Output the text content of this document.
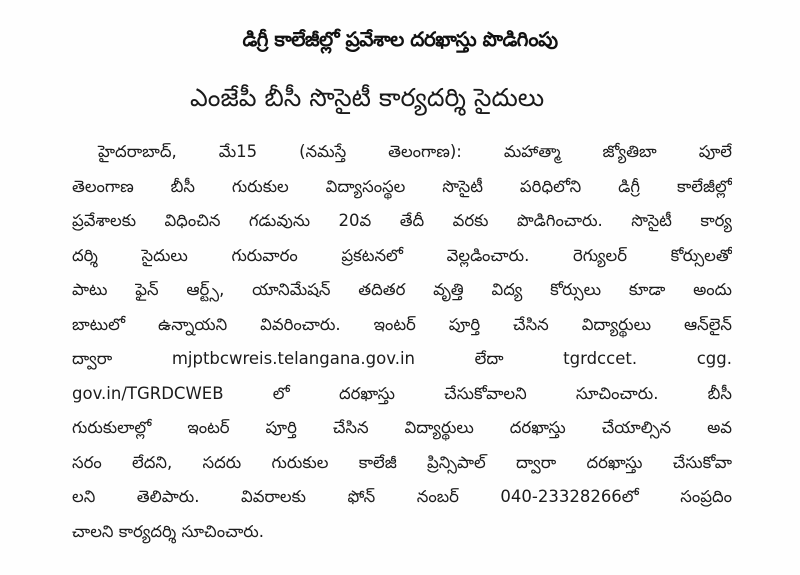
డిగ్రీ కాలేజీల్లో ప్రవేశాల దరఖాస్తు పొడిగింపు
ఎంజేపీ బీసీ సొసైటీ కార్యదర్శి సైదులు
హైదరాబాద్, మే15 (నమస్తే తెలంగాణ): మహాత్మా జ్యోతిబా పూలే
తెలంగాణ బీసీ గురుకుల విద్యాసంస్థల సొసైటీ పరిధిలోని డిగ్రీ కాలేజీల్లో
ప్రవేశాలకు విధించిన గడువును 20వ తేదీ వరకు పొడిగించారు. సొసైటీ కార్య
దర్శి సైదులు గురువారం ప్రకటనలో వెల్లడించారు. రెగ్యులర్ కోర్సులతో
పాటు ఫైన్ ఆర్ట్స్, యానిమేషన్ తదితర వృత్తి విద్య కోర్సులు కూడా అందు
బాటులో ఉన్నాయని వివరించారు. ఇంటర్ పూర్తి చేసిన విద్యార్థులు ఆన్‌లైన్
ద్వారా mjptbcwreis.telangana.gov.in లేదా tgrdccet. cgg.
gov.in/TGRDCWEB లో దరఖాస్తు చేసుకోవాలని సూచించారు. బీసీ
గురుకులాల్లో ఇంటర్ పూర్తి చేసిన విద్యార్థులు దరఖాస్తు చేయాల్సిన అవ
సరం లేదని, సదరు గురుకుల కాలేజీ ప్రిన్సిపాల్ ద్వారా దరఖాస్తు చేసుకోవా
లని తెలిపారు. వివరాలకు ఫోన్ నంబర్ 040-23328266లో సంప్రదిం
చాలని కార్యదర్శి సూచించారు.
